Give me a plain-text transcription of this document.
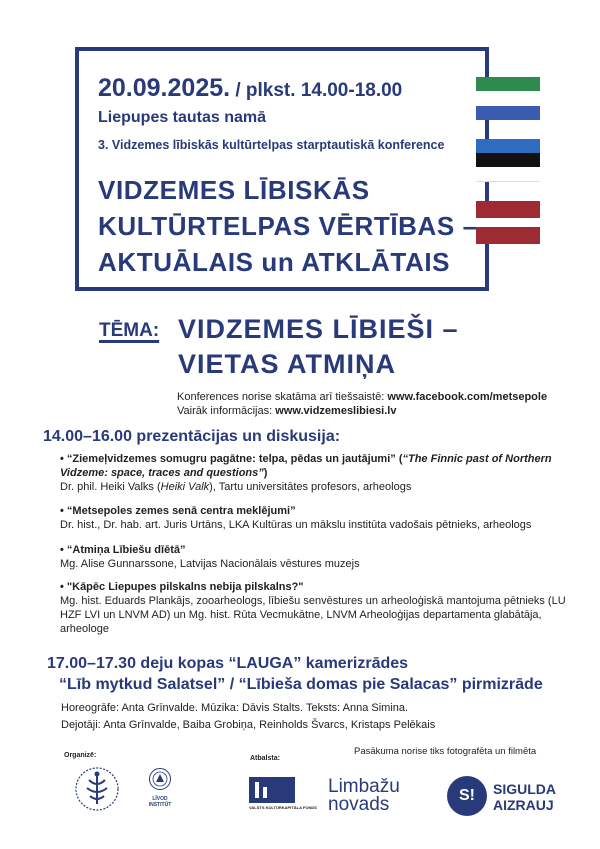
20.09.2025. / plkst. 14.00-18.00
Liepupes tautas namā
3. Vidzemes lībiskās kultūrtelpas starptautiskā konference
VIDZEMES LĪBISKĀS
KULTŪRTELPAS VĒRTĪBAS –
AKTUĀLAIS un ATKLĀTAIS
TĒMA: VIDZEMES LĪBIEŠI –
VIETAS ATMIŅA
Konferences norise skatāma arī tiešsaistē: www.facebook.com/metsepole
Vairāk informācijas: www.vidzemeslibiesi.lv
14.00–16.00 prezentācijas un diskusija:
• “Ziemeļvidzemes somugru pagātne: telpa, pēdas un jautājumi” (“The Finnic past of Northern Vidzeme: space, traces and questions”)
Dr. phil. Heiki Valks (Heiki Valk), Tartu universitātes profesors, arheologs
• “Metsepoles zemes senā centra meklējumi”
Dr. hist., Dr. hab. art. Juris Urtāns, LKA Kultūras un mākslu institūta vadošais pētnieks, arheologs
• “Atmiņa Lībiešu dīētā”
Mg. Alise Gunnarssone, Latvijas Nacionālais vēstures muzejs
• "Kāpēc Liepupes pilskalns nebija pilskalns?"
Mg. hist. Eduards Plankājs, zooarheologs, lībiešu senvēstures un arheoloģiskā mantojuma pētnieks (LU HZF LVI un LNVM AD) un Mg. hist. Rūta Vecmukātne, LNVM Arheoloģijas departamenta glabātāja, arheologe
17.00–17.30 deju kopas “LAUGA” kamerizrādes
“Līb mytkud Salatsel” / “Lībieša domas pie Salacas” pirmizrāde
Horeogrāfe: Anta Grīnvalde. Mūzika: Dāvis Stalts. Teksts: Anna Simina.
Dejotāji: Anta Grīnvalde, Baiba Grobiņa, Reinholds Švarcs, Kristaps Pelēkais
Pasākuma norise tiks fotografēta un filmēta
Organizē:	Atbalsta:
LĪVOD
INSTITŪT	VALSTS KULTŪRKAPITĀLA FONDS
Limbažu
novads	S!	SIGULDA
AIZRAUJ
